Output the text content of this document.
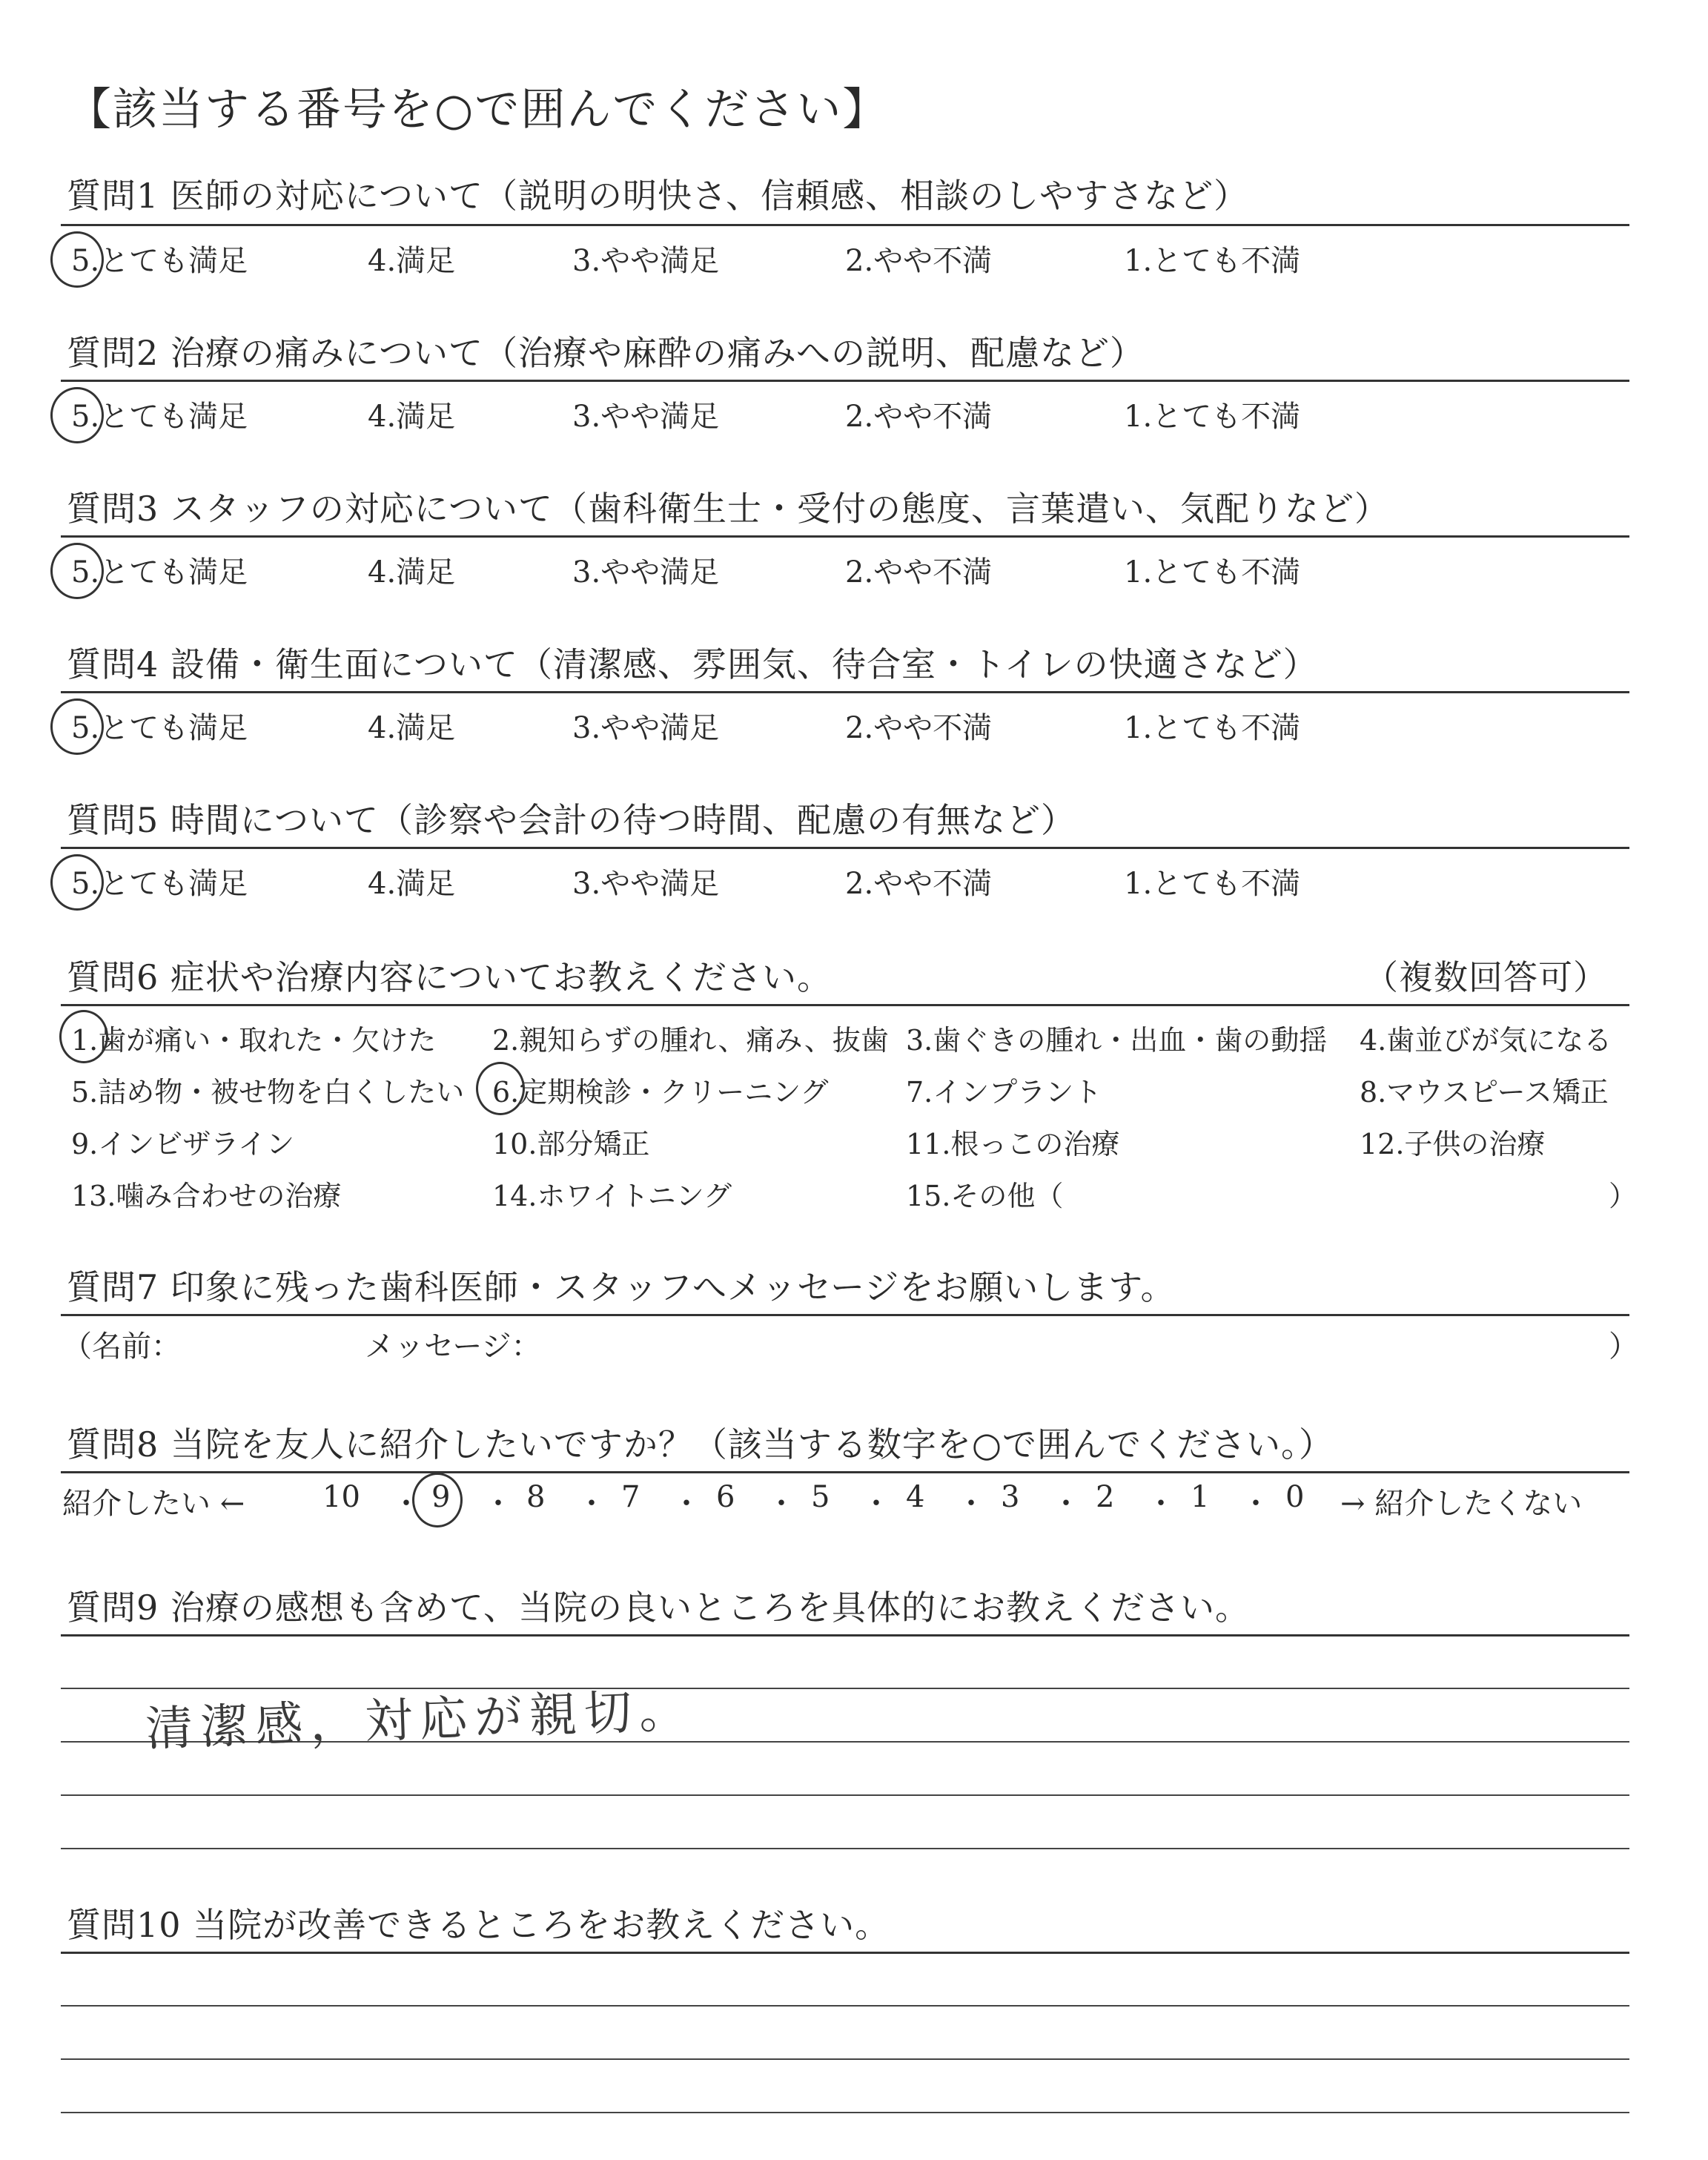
【該当する番号を○で囲んでください】
質問1 医師の対応について（説明の明快さ、信頼感、相談のしやすさなど）
5.とても満足	4.満足	3.やや満足	2.やや不満	1.とても不満
質問2 治療の痛みについて（治療や麻酔の痛みへの説明、配慮など）
5.とても満足	4.満足	3.やや満足	2.やや不満	1.とても不満
質問3 スタッフの対応について（歯科衛生士・受付の態度、言葉遣い、気配りなど）
5.とても満足	4.満足	3.やや満足	2.やや不満	1.とても不満
質問4 設備・衛生面について（清潔感、雰囲気、待合室・トイレの快適さなど）
5.とても満足	4.満足	3.やや満足	2.やや不満	1.とても不満
質問5 時間について（診察や会計の待つ時間、配慮の有無など）
5.とても満足	4.満足	3.やや満足	2.やや不満	1.とても不満
質問6 症状や治療内容についてお教えください。	（複数回答可）
1.歯が痛い・取れた・欠けた 2.親知らずの腫れ、痛み、抜歯 3.歯ぐきの腫れ・出血・歯の動揺 4.歯並びが気になる
5.詰め物・被せ物を白くしたい 6.定期検診・クリーニング	7.インプラント	8.マウスピース矯正
9.インビザライン	10.部分矯正	11.根っこの治療	12.子供の治療
13.噛み合わせの治療	14.ホワイトニング	15.その他（	）
質問7 印象に残った歯科医師・スタッフへメッセージをお願いします。
（名前：	メッセージ：	）
質問8 当院を友人に紹介したいですか？（該当する数字を○で囲んでください。）
紹介したい ←	10 ・ 9 ・ 8 ・ 7 ・ 6 ・ 5 ・ 4 ・ 3 ・ 2 ・ 1 ・ 0 → 紹介したくない
質問9 治療の感想も含めて、当院の良いところを具体的にお教えください。
清潔感，対応が親切。
質問10 当院が改善できるところをお教えください。
